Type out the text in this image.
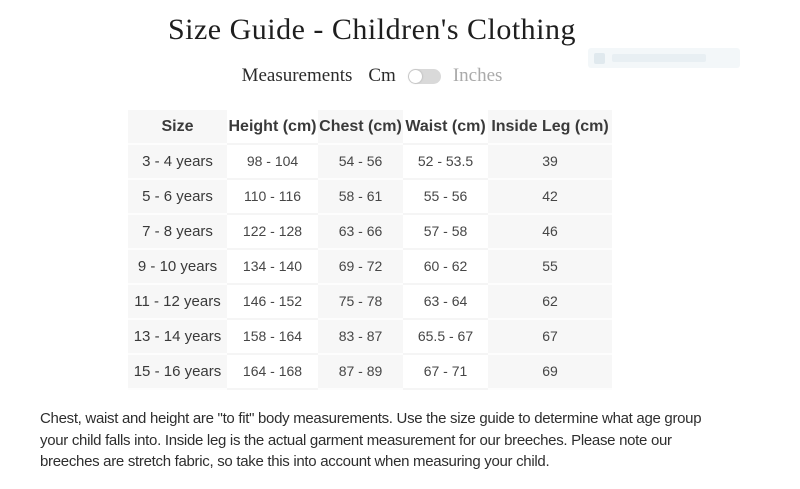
Size Guide - Children's Clothing
Measurements Cm	Inches
Size	Height (cm)	Chest (cm)	Waist (cm)	Inside Leg (cm)
3 - 4 years	98 - 104	54 - 56	52 - 53.5	39
5 - 6 years	110 - 116	58 - 61	55 - 56	42
7 - 8 years	122 - 128	63 - 66	57 - 58	46
9 - 10 years	134 - 140	69 - 72	60 - 62	55
11 - 12 years	146 - 152	75 - 78	63 - 64	62
13 - 14 years	158 - 164	83 - 87	65.5 - 67	67
15 - 16 years	164 - 168	87 - 89	67 - 71	69

Chest, waist and height are "to fit" body measurements. Use the size guide to determine what age group your child falls into. Inside leg is the actual garment measurement for our breeches. Please note our breeches are stretch fabric, so take this into account when measuring your child.
